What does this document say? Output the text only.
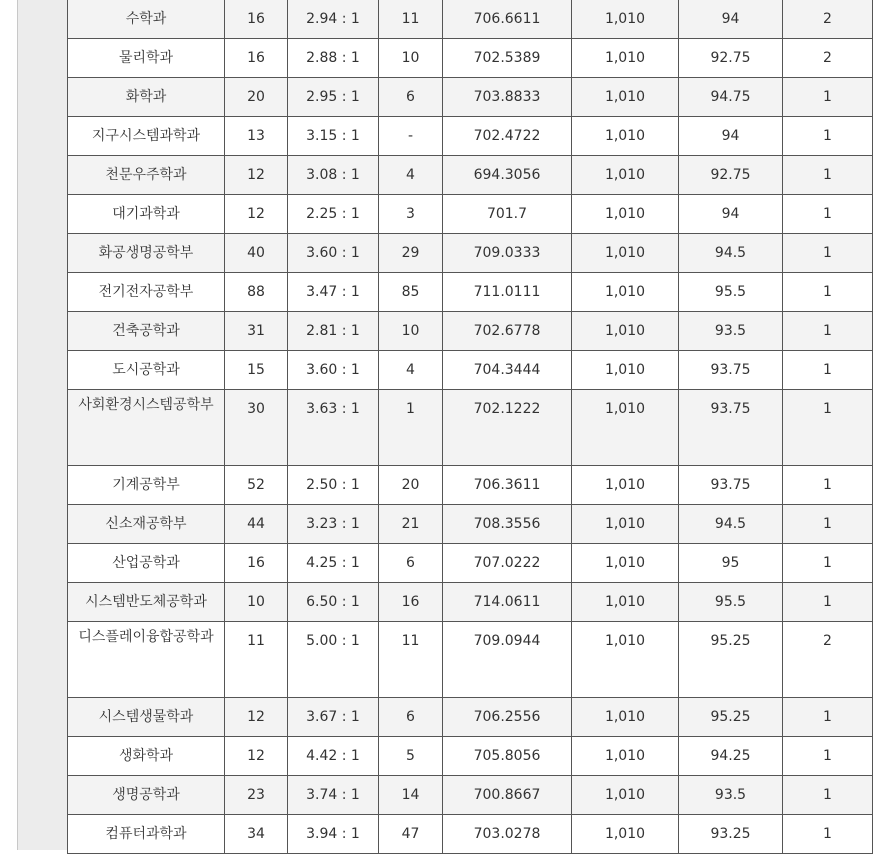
수학과	16	2.94 : 1	11	706.6611	1,010	94	2
물리학과	16	2.88 : 1	10	702.5389	1,010	92.75	2
화학과	20	2.95 : 1	6	703.8833	1,010	94.75	1
지구시스템과학과	13	3.15 : 1	-	702.4722	1,010	94	1
천문우주학과	12	3.08 : 1	4	694.3056	1,010	92.75	1
대기과학과	12	2.25 : 1	3	701.7	1,010	94	1
화공생명공학부	40	3.60 : 1	29	709.0333	1,010	94.5	1
전기전자공학부	88	3.47 : 1	85	711.0111	1,010	95.5	1
건축공학과	31	2.81 : 1	10	702.6778	1,010	93.5	1
도시공학과	15	3.60 : 1	4	704.3444	1,010	93.75	1
사회환경시스템공학부	30	3.63 : 1	1	702.1222	1,010	93.75	1
기계공학부	52	2.50 : 1	20	706.3611	1,010	93.75	1
신소재공학부	44	3.23 : 1	21	708.3556	1,010	94.5	1
산업공학과	16	4.25 : 1	6	707.0222	1,010	95	1
시스템반도체공학과	10	6.50 : 1	16	714.0611	1,010	95.5	1
디스플레이융합공학과	11	5.00 : 1	11	709.0944	1,010	95.25	2
시스템생물학과	12	3.67 : 1	6	706.2556	1,010	95.25	1
생화학과	12	4.42 : 1	5	705.8056	1,010	94.25	1
생명공학과	23	3.74 : 1	14	700.8667	1,010	93.5	1
컴퓨터과학과	34	3.94 : 1	47	703.0278	1,010	93.25	1
